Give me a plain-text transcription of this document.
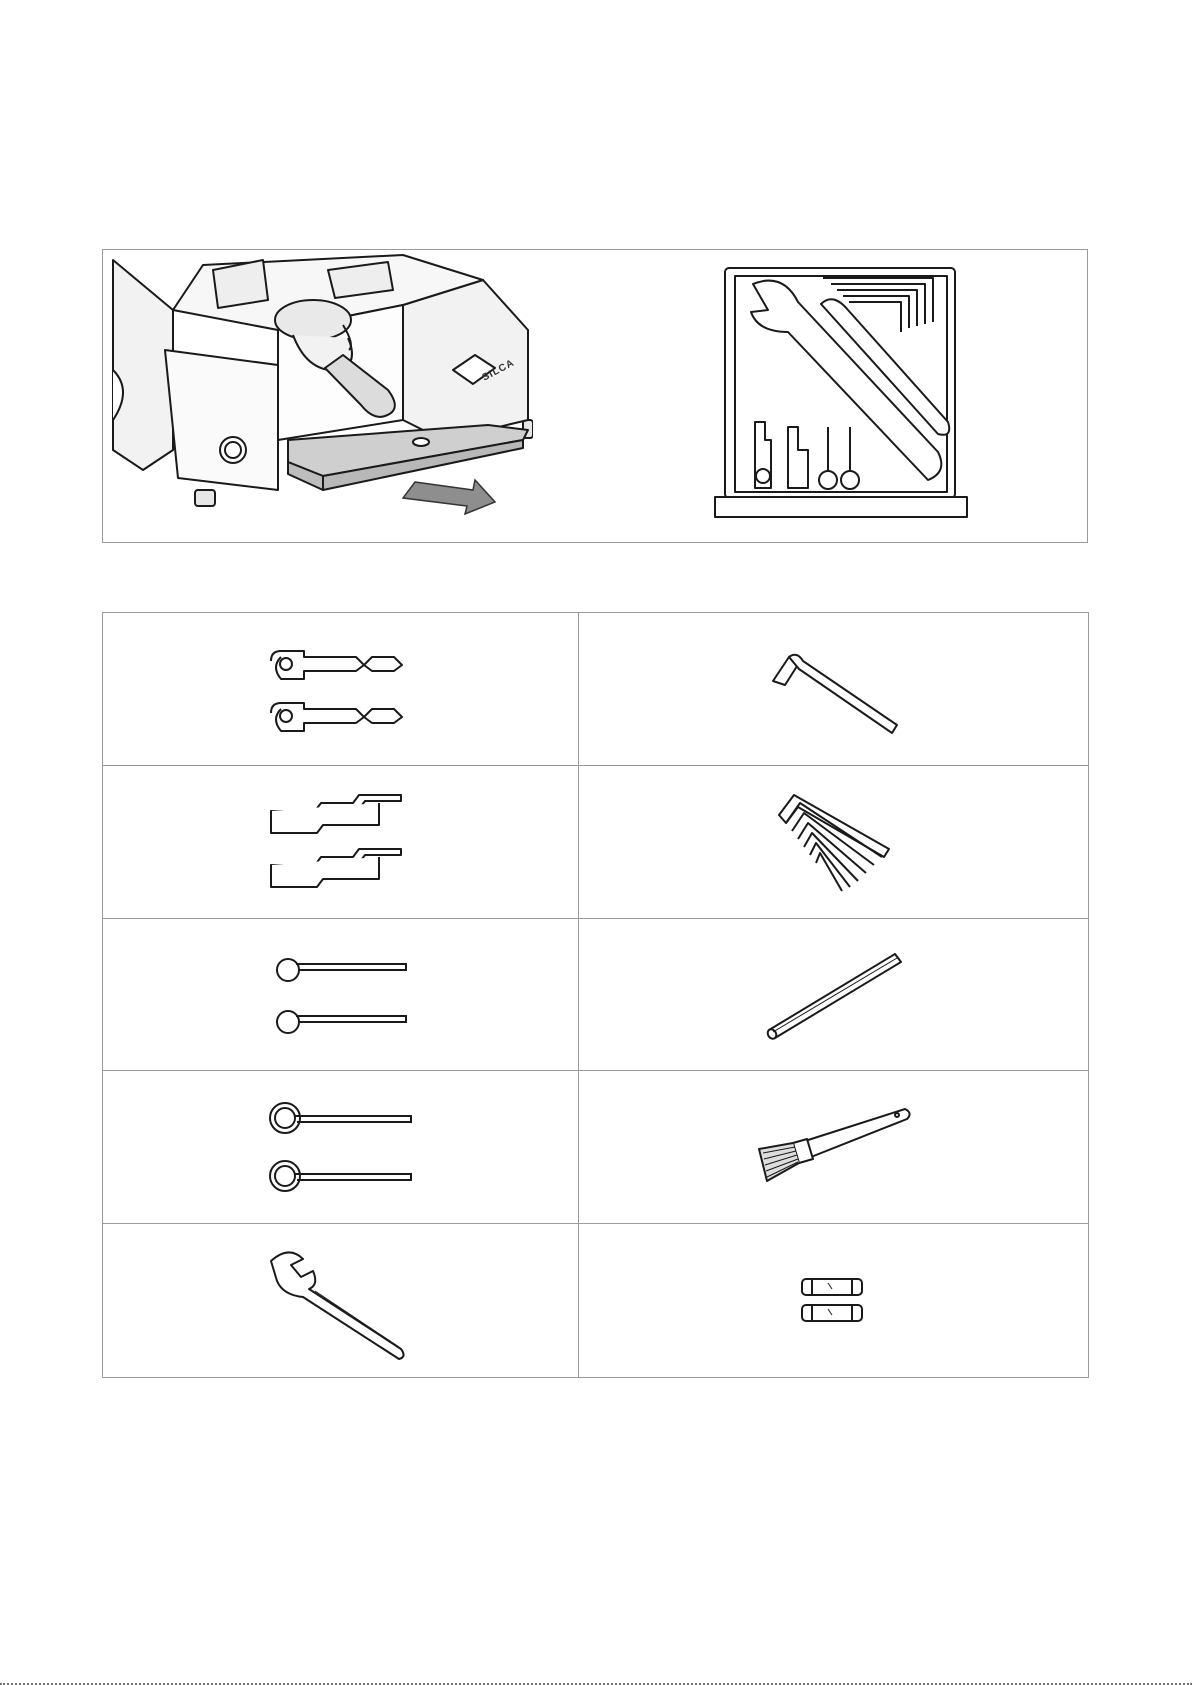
SILCA
